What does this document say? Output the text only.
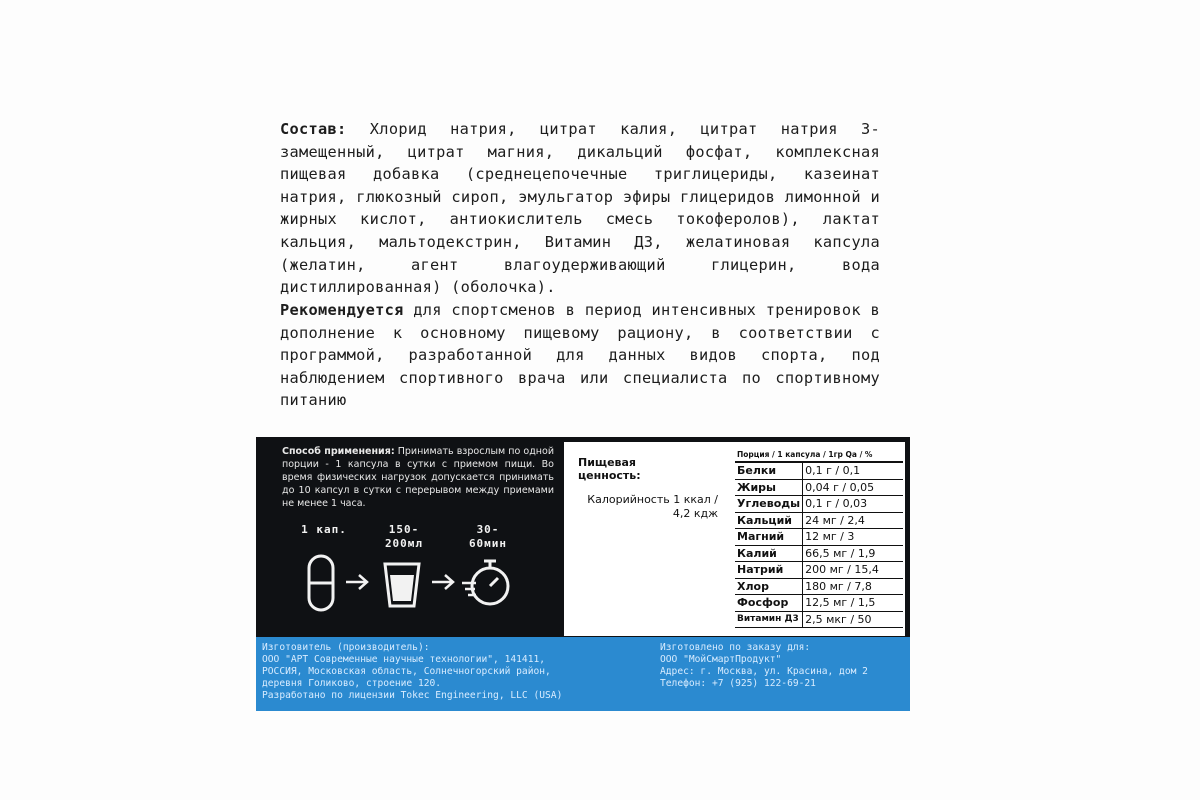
Состав: Хлорид натрия, цитрат калия, цитрат натрия 3-замещенный, цитрат магния, дикальций фосфат, комплексная пищевая добавка (среднецепочечные триглицериды, казеинат натрия, глюкозный сироп, эмульгатор эфиры глицеридов лимонной и жирных кислот, антиокислитель смесь токоферолов), лактат кальция, мальтодекстрин, Витамин Д3, желатиновая капсула (желатин, агент влагоудерживающий глицерин, вода дистиллированная) (оболочка).

Рекомендуется для спортсменов в период интенсивных тренировок в дополнение к основному пищевому рациону, в соответствии с программой, разработанной для данных видов спорта, под наблюдением спортивного врача или специалиста по спортивному питанию

Способ применения: Принимать взрослым по одной порции - 1 капсула в сутки с приемом пищи. Во время физических нагрузок допускается принимать до 10 капсул в сутки с перерывом между приемами не менее 1 часа.
1 кап.	150-
200мл
30-
60мин
Пищевая ценность:
Калорийность 1 ккал / 4,2 кдж
Порция / 1 капсула / 1гр Qa / %	
Белки	0,1 г / 0,1
Жиры	0,04 г / 0,05
Углеводы	0,1 г / 0,03
Кальций	24 мг / 2,4
Магний	12 мг / 3
Калий	66,5 мг / 1,9
Натрий	200 мг / 15,4
Хлор	180 мг / 7,8
Фосфор	12,5 мг / 1,5
Витамин Д3	2,5 мкг / 50
Изготовитель (производитель):
ООО "АРТ Современные научные технологии", 141411,
РОССИЯ, Московская область, Солнечногорский район,
деревня Голиково, строение 120.
Разработано по лицензии Tokec Engineering, LLC (USA)
Изготовлено по заказу для:
ООО "МойСмартПродукт"
Адрес: г. Москва, ул. Красина, дом 2
Телефон: +7 (925) 122-69-21
